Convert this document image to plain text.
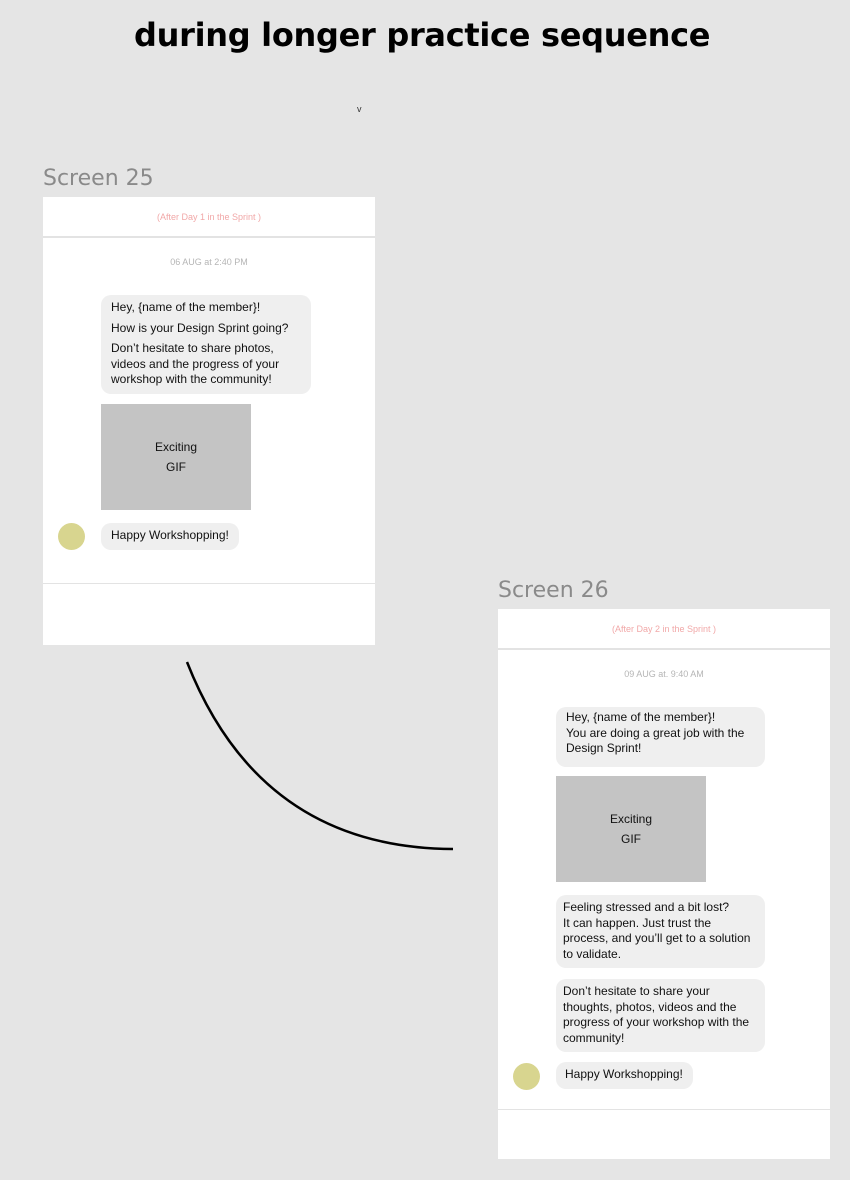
during longer practice sequence
v
Screen 25
(After Day 1 in the Sprint )
06 AUG at 2:40 PM

Hey, {name of the member}!

How is your Design Sprint going?

Don’t hesitate to share photos, videos and the progress of your workshop with the community!

Exciting
GIF
Happy Workshopping!
Screen 26
(After Day 2 in the Sprint )
09 AUG at. 9:40 AM
Hey, {name of the member}!
You are doing a great job with the Design Sprint!
Exciting
GIF
Feeling stressed and a bit lost?
It can happen. Just trust the process, and you’ll get to a solution to validate.
Don’t hesitate to share your thoughts, photos, videos and the progress of your workshop with the community!
Happy Workshopping!
